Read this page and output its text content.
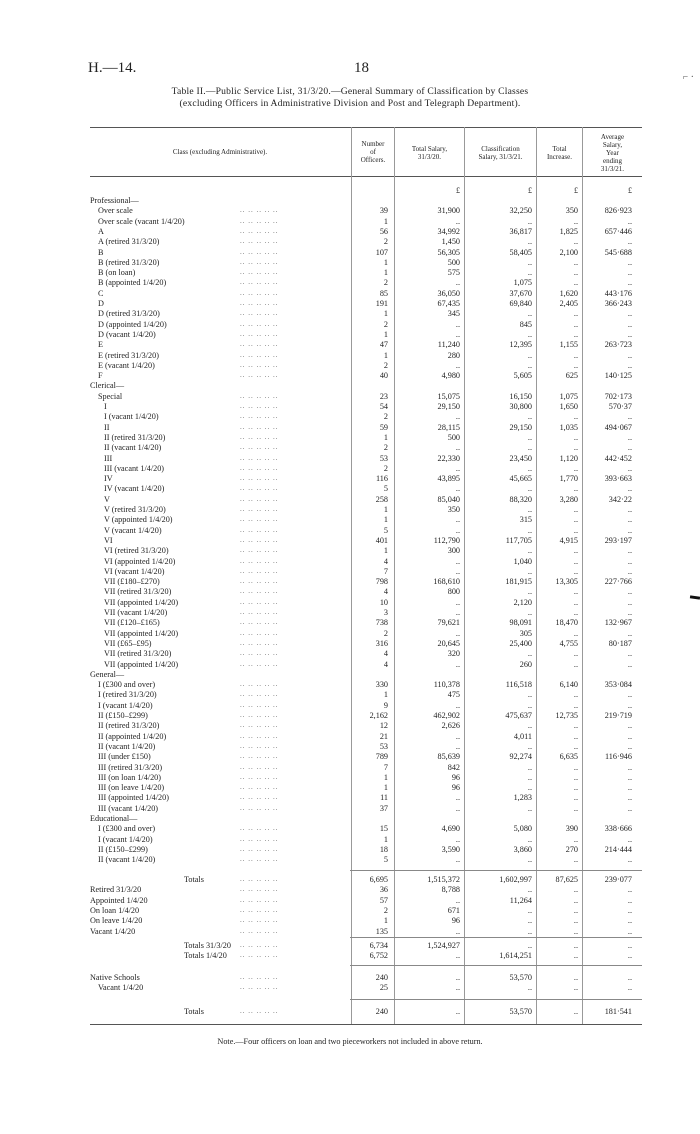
H.—14.	18
⌐ ·
Table II.—Public Service List, 31/3/20.—General Summary of Classification by Classes
(excluding Officers in Administrative Division and Post and Telegraph Department).
Class (excluding Administrative).
Number
of
Officers.
Total Salary,
31/3/20.
Classification
Salary, 31/3/21.
Total
Increase.
Average
Salary,
Year
ending
31/3/21.
£	£	£	£
Professional—
Over scale	.. .. .. .. ..	39	31,900	32,250	350	826·923
Over scale (vacant 1/4/20)	.. .. .. .. ..	1	..	..	..	..
A	.. .. .. .. ..	56	34,992	36,817	1,825	657·446
A (retired 31/3/20)	.. .. .. .. ..	2	1,450	..	..	..
B	.. .. .. .. ..	107	56,305	58,405	2,100	545·688
B (retired 31/3/20)	.. .. .. .. ..	1	500	..	..	..
B (on loan)	.. .. .. .. ..	1	575	..	..	..
B (appointed 1/4/20)	.. .. .. .. ..	2	..	1,075	..	..
C	.. .. .. .. ..	85	36,050	37,670	1,620	443·176
D	.. .. .. .. ..	191	67,435	69,840	2,405	366·243
D (retired 31/3/20)	.. .. .. .. ..	1	345	..	..	..
D (appointed 1/4/20)	.. .. .. .. ..	2	..	845	..	..
D (vacant 1/4/20)	.. .. .. .. ..	1	..	..	..	..
E	.. .. .. .. ..	47	11,240	12,395	1,155	263·723
E (retired 31/3/20)	.. .. .. .. ..	1	280	..	..	..
E (vacant 1/4/20)	.. .. .. .. ..	2	..	..	..	..
F	.. .. .. .. ..	40	4,980	5,605	625	140·125
Clerical—
Special	.. .. .. .. ..	23	15,075	16,150	1,075	702·173
I	.. .. .. .. ..	54	29,150	30,800	1,650	570·37
I (vacant 1/4/20)	.. .. .. .. ..	2	..	..	..	..
II	.. .. .. .. ..	59	28,115	29,150	1,035	494·067
II (retired 31/3/20)	.. .. .. .. ..	1	500	..	..	..
II (vacant 1/4/20)	.. .. .. .. ..	2	..	..	..	..
III	.. .. .. .. ..	53	22,330	23,450	1,120	442·452
III (vacant 1/4/20)	.. .. .. .. ..	2	..	..	..	..
IV	.. .. .. .. ..	116	43,895	45,665	1,770	393·663
IV (vacant 1/4/20)	.. .. .. .. ..	5	..	..	..	..
V	.. .. .. .. ..	258	85,040	88,320	3,280	342·22
V (retired 31/3/20)	.. .. .. .. ..	1	350	..	..	..
V (appointed 1/4/20)	.. .. .. .. ..	1	..	315	..	..
V (vacant 1/4/20)	.. .. .. .. ..	5	..	..	..	..
VI	.. .. .. .. ..	401	112,790	117,705	4,915	293·197
VI (retired 31/3/20)	.. .. .. .. ..	1	300	..	..	..
VI (appointed 1/4/20)	.. .. .. .. ..	4	..	1,040	..	..
VI (vacant 1/4/20)	.. .. .. .. ..	7	..	..	..	..
VII (£180–£270)	.. .. .. .. ..	798	168,610	181,915	13,305	227·766
VII (retired 31/3/20)	.. .. .. .. ..	4	800	..	..	..
VII (appointed 1/4/20)	.. .. .. .. ..	10	..	2,120	..	..
VII (vacant 1/4/20)	.. .. .. .. ..	3	..	..	..	..
VII (£120–£165)	.. .. .. .. ..	738	79,621	98,091	18,470	132·967
VII (appointed 1/4/20)	.. .. .. .. ..	2	..	305	..	..
VII (£65–£95)	.. .. .. .. ..	316	20,645	25,400	4,755	80·187
VII (retired 31/3/20)	.. .. .. .. ..	4	320	..	..	..
VII (appointed 1/4/20)	.. .. .. .. ..	4	..	260	..	..
General—
I (£300 and over)	.. .. .. .. ..	330	110,378	116,518	6,140	353·084
I (retired 31/3/20)	.. .. .. .. ..	1	475	..	..	..
I (vacant 1/4/20)	.. .. .. .. ..	9	..	..	..	..
II (£150–£299)	.. .. .. .. ..	2,162	462,902	475,637	12,735	219·719
II (retired 31/3/20)	.. .. .. .. ..	12	2,626	..	..	..
II (appointed 1/4/20)	.. .. .. .. ..	21	..	4,011	..	..
II (vacant 1/4/20)	.. .. .. .. ..	53	..	..	..	..
III (under £150)	.. .. .. .. ..	789	85,639	92,274	6,635	116·946
III (retired 31/3/20)	.. .. .. .. ..	7	842	..	..	..
III (on loan 1/4/20)	.. .. .. .. ..	1	96	..	..	..
III (on leave 1/4/20)	.. .. .. .. ..	1	96	..	..	..
III (appointed 1/4/20)	.. .. .. .. ..	11	..	1,283	..	..
III (vacant 1/4/20)	.. .. .. .. ..	37	..	..	..	..
Educational—
I (£300 and over)	.. .. .. .. ..	15	4,690	5,080	390	338·666
I (vacant 1/4/20)	.. .. .. .. ..	1	..	..	..	..
II (£150–£299)	.. .. .. .. ..	18	3,590	3,860	270	214·444
II (vacant 1/4/20)	.. .. .. .. ..	5	..	..	..	..
Totals	.. .. .. .. ..	6,695	1,515,372	1,602,997	87,625	239·077
Retired 31/3/20	.. .. .. .. ..	36	8,788	..	..	..
Appointed 1/4/20	.. .. .. .. ..	57	..	11,264	..	..
On loan 1/4/20	.. .. .. .. ..	2	671	..	..	..
On leave 1/4/20	.. .. .. .. ..	1	96	..	..	..
Vacant 1/4/20	.. .. .. .. ..	135	..	..	..	..
Totals 31/3/20 .. .. .. .. ..	6,734	1,524,927	..	..	..
Totals 1/4/20 .. .. .. .. ..	6,752	..	1,614,251	..	..
Native Schools	.. .. .. .. ..	240	..	53,570	..	..
Vacant 1/4/20	.. .. .. .. ..	25	..	..	..	..
Totals	.. .. .. .. ..	240	..	53,570	..	181·541
Note.—Four officers on loan and two pieceworkers not included in above return.
